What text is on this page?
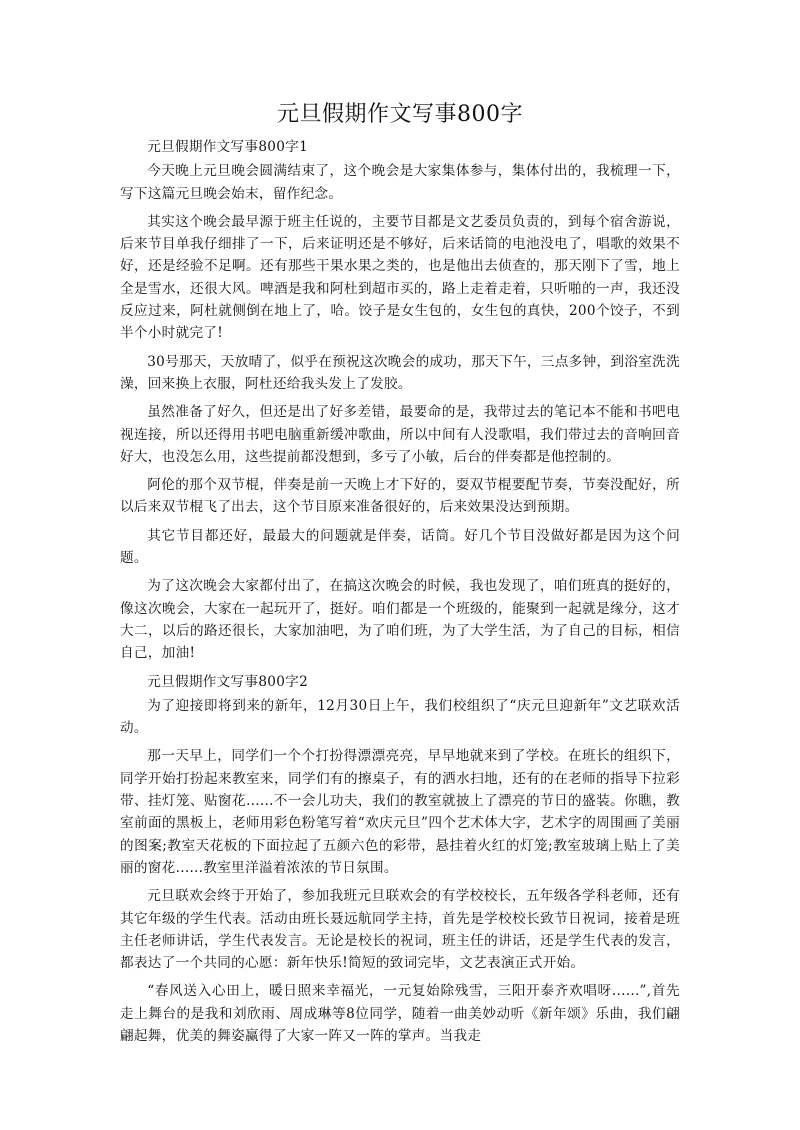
元旦假期作文写事800字

元旦假期作文写事800字1

今天晚上元旦晚会圆满结束了，这个晚会是大家集体参与，集体付出的，我梳理一下，写下这篇元旦晚会始末，留作纪念。

其实这个晚会最早源于班主任说的，主要节目都是文艺委员负责的，到每个宿舍游说，后来节目单我仔细排了一下，后来证明还是不够好，后来话筒的电池没电了，唱歌的效果不好，还是经验不足啊。还有那些干果水果之类的，也是他出去侦查的，那天刚下了雪，地上全是雪水，还很大风。啤酒是我和阿杜到超市买的，路上走着走着，只听啪的一声，我还没反应过来，阿杜就侧倒在地上了，哈。饺子是女生包的，女生包的真快，200个饺子，不到半个小时就完了!

30号那天，天放晴了，似乎在预祝这次晚会的成功，那天下午，三点多钟，到浴室洗洗澡，回来换上衣服，阿杜还给我头发上了发胶。

虽然准备了好久，但还是出了好多差错，最要命的是，我带过去的笔记本不能和书吧电视连接，所以还得用书吧电脑重新缓冲歌曲，所以中间有人没歌唱，我们带过去的音响回音好大，也没怎么用，这些提前都没想到，多亏了小敏，后台的伴奏都是他控制的。

阿伦的那个双节棍，伴奏是前一天晚上才下好的，耍双节棍要配节奏，节奏没配好，所以后来双节棍飞了出去，这个节目原来准备很好的，后来效果没达到预期。

其它节目都还好，最最大的问题就是伴奏，话筒。好几个节目没做好都是因为这个问题。

为了这次晚会大家都付出了，在搞这次晚会的时候，我也发现了，咱们班真的挺好的，像这次晚会，大家在一起玩开了，挺好。咱们都是一个班级的，能聚到一起就是缘分，这才大二，以后的路还很长，大家加油吧，为了咱们班，为了大学生活，为了自己的目标，相信自己，加油!

元旦假期作文写事800字2

为了迎接即将到来的新年，12月30日上午，我们校组织了“庆元旦迎新年”文艺联欢活动。

那一天早上，同学们一个个打扮得漂漂亮亮，早早地就来到了学校。在班长的组织下，同学开始打扮起来教室来，同学们有的擦桌子，有的洒水扫地，还有的在老师的指导下拉彩带、挂灯笼、贴窗花......不一会儿功夫，我们的教室就披上了漂亮的节日的盛装。你瞧，教室前面的黑板上，老师用彩色粉笔写着“欢庆元旦”四个艺术体大字，艺术字的周围画了美丽的图案;教室天花板的下面拉起了五颜六色的彩带，悬挂着火红的灯笼;教室玻璃上贴上了美丽的窗花......教室里洋溢着浓浓的节日氛围。

元旦联欢会终于开始了，参加我班元旦联欢会的有学校校长，五年级各学科老师，还有其它年级的学生代表。活动由班长聂远航同学主持，首先是学校校长致节日祝词，接着是班主任老师讲话，学生代表发言。无论是校长的祝词，班主任的讲话，还是学生代表的发言，都表达了一个共同的心愿：新年快乐!简短的致词完毕，文艺表演正式开始。

“春风送入心田上，暖日照来幸福光，一元复始除残雪，三阳开泰齐欢唱呀......”,首先走上舞台的是我和刘欣雨、周成琳等8位同学，随着一曲美妙动听《新年颂》乐曲，我们翩翩起舞，优美的舞姿赢得了大家一阵又一阵的掌声。当我走
